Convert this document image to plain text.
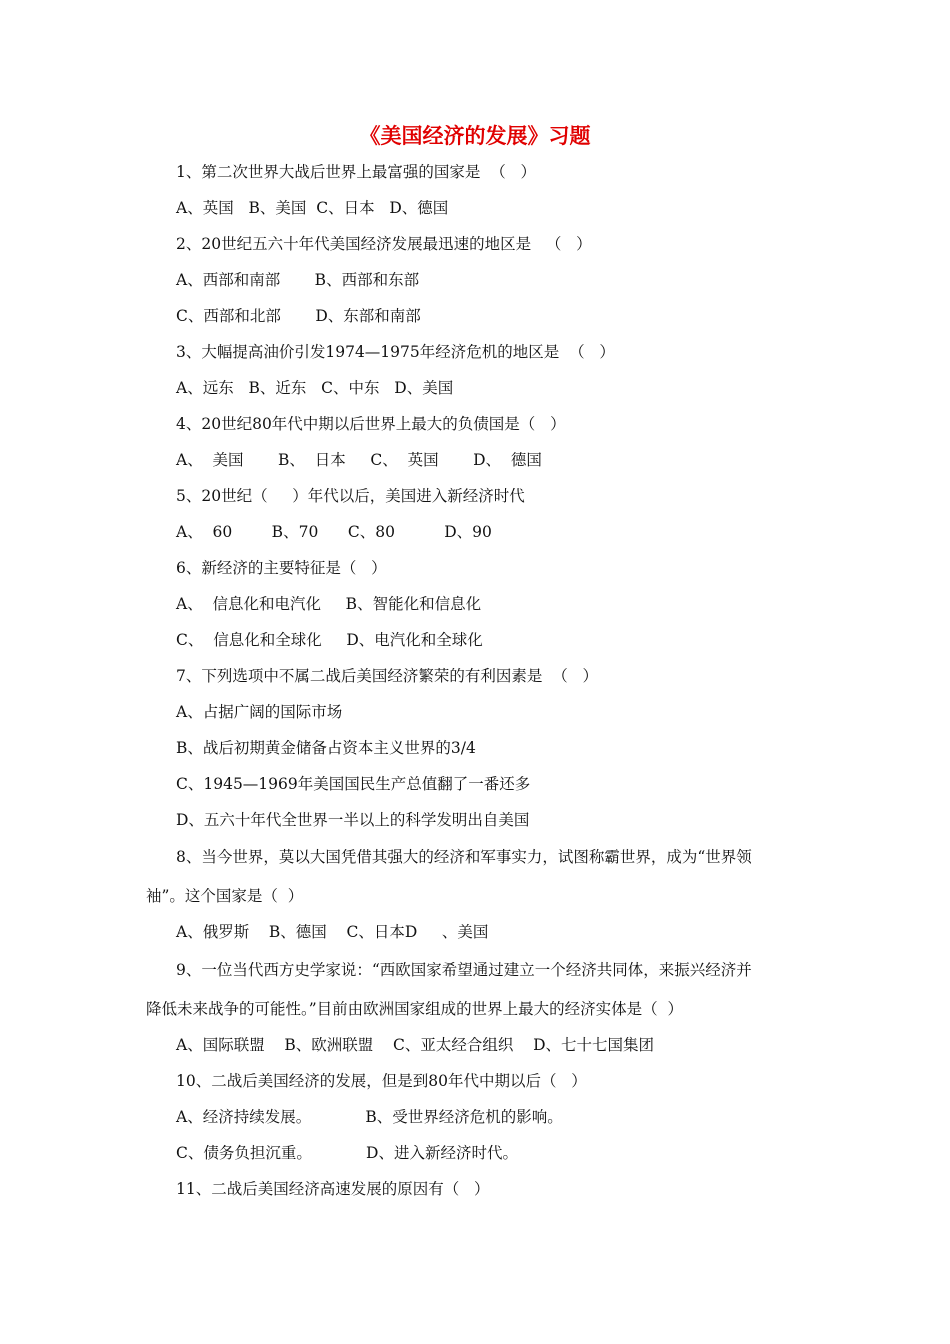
《美国经济的发展》习题
1、第二次世界大战后世界上最富强的国家是  （   ）
A、英国   B、美国  C、日本   D、德国
2、20世纪五六十年代美国经济发展最迅速的地区是   （   ）
A、西部和南部       B、西部和东部
C、西部和北部       D、东部和南部
3、大幅提高油价引发1974—1975年经济危机的地区是  （   ）
A、远东   B、近东   C、中东   D、美国
4、20世纪80年代中期以后世界上最大的负债国是（   ）
A、  美国       B、  日本     C、  英国       D、  德国
5、20世纪（     ）年代以后，美国进入新经济时代
A、  60        B、70      C、80          D、90
6、新经济的主要特征是（   ）
A、  信息化和电汽化     B、智能化和信息化
C、  信息化和全球化     D、电汽化和全球化
7、下列选项中不属二战后美国经济繁荣的有利因素是  （   ）
A、占据广阔的国际市场
B、战后初期黄金储备占资本主义世界的3/4
C、1945—1969年美国国民生产总值翻了一番还多
D、五六十年代全世界一半以上的科学发明出自美国
8、当今世界，莫以大国凭借其强大的经济和军事实力，试图称霸世界，成为“世界领
袖”。这个国家是（  ）
A、俄罗斯    B、德国    C、日本D     、美国
9、一位当代西方史学家说：“西欧国家希望通过建立一个经济共同体，来振兴经济并
降低未来战争的可能性。”目前由欧洲国家组成的世界上最大的经济实体是（  ）
A、国际联盟    B、欧洲联盟    C、亚太经合组织    D、七十七国集团
10、二战后美国经济的发展，但是到80年代中期以后（   ）
A、经济持续发展。           B、受世界经济危机的影响。
C、债务负担沉重。           D、进入新经济时代。
11、二战后美国经济高速发展的原因有（   ）
